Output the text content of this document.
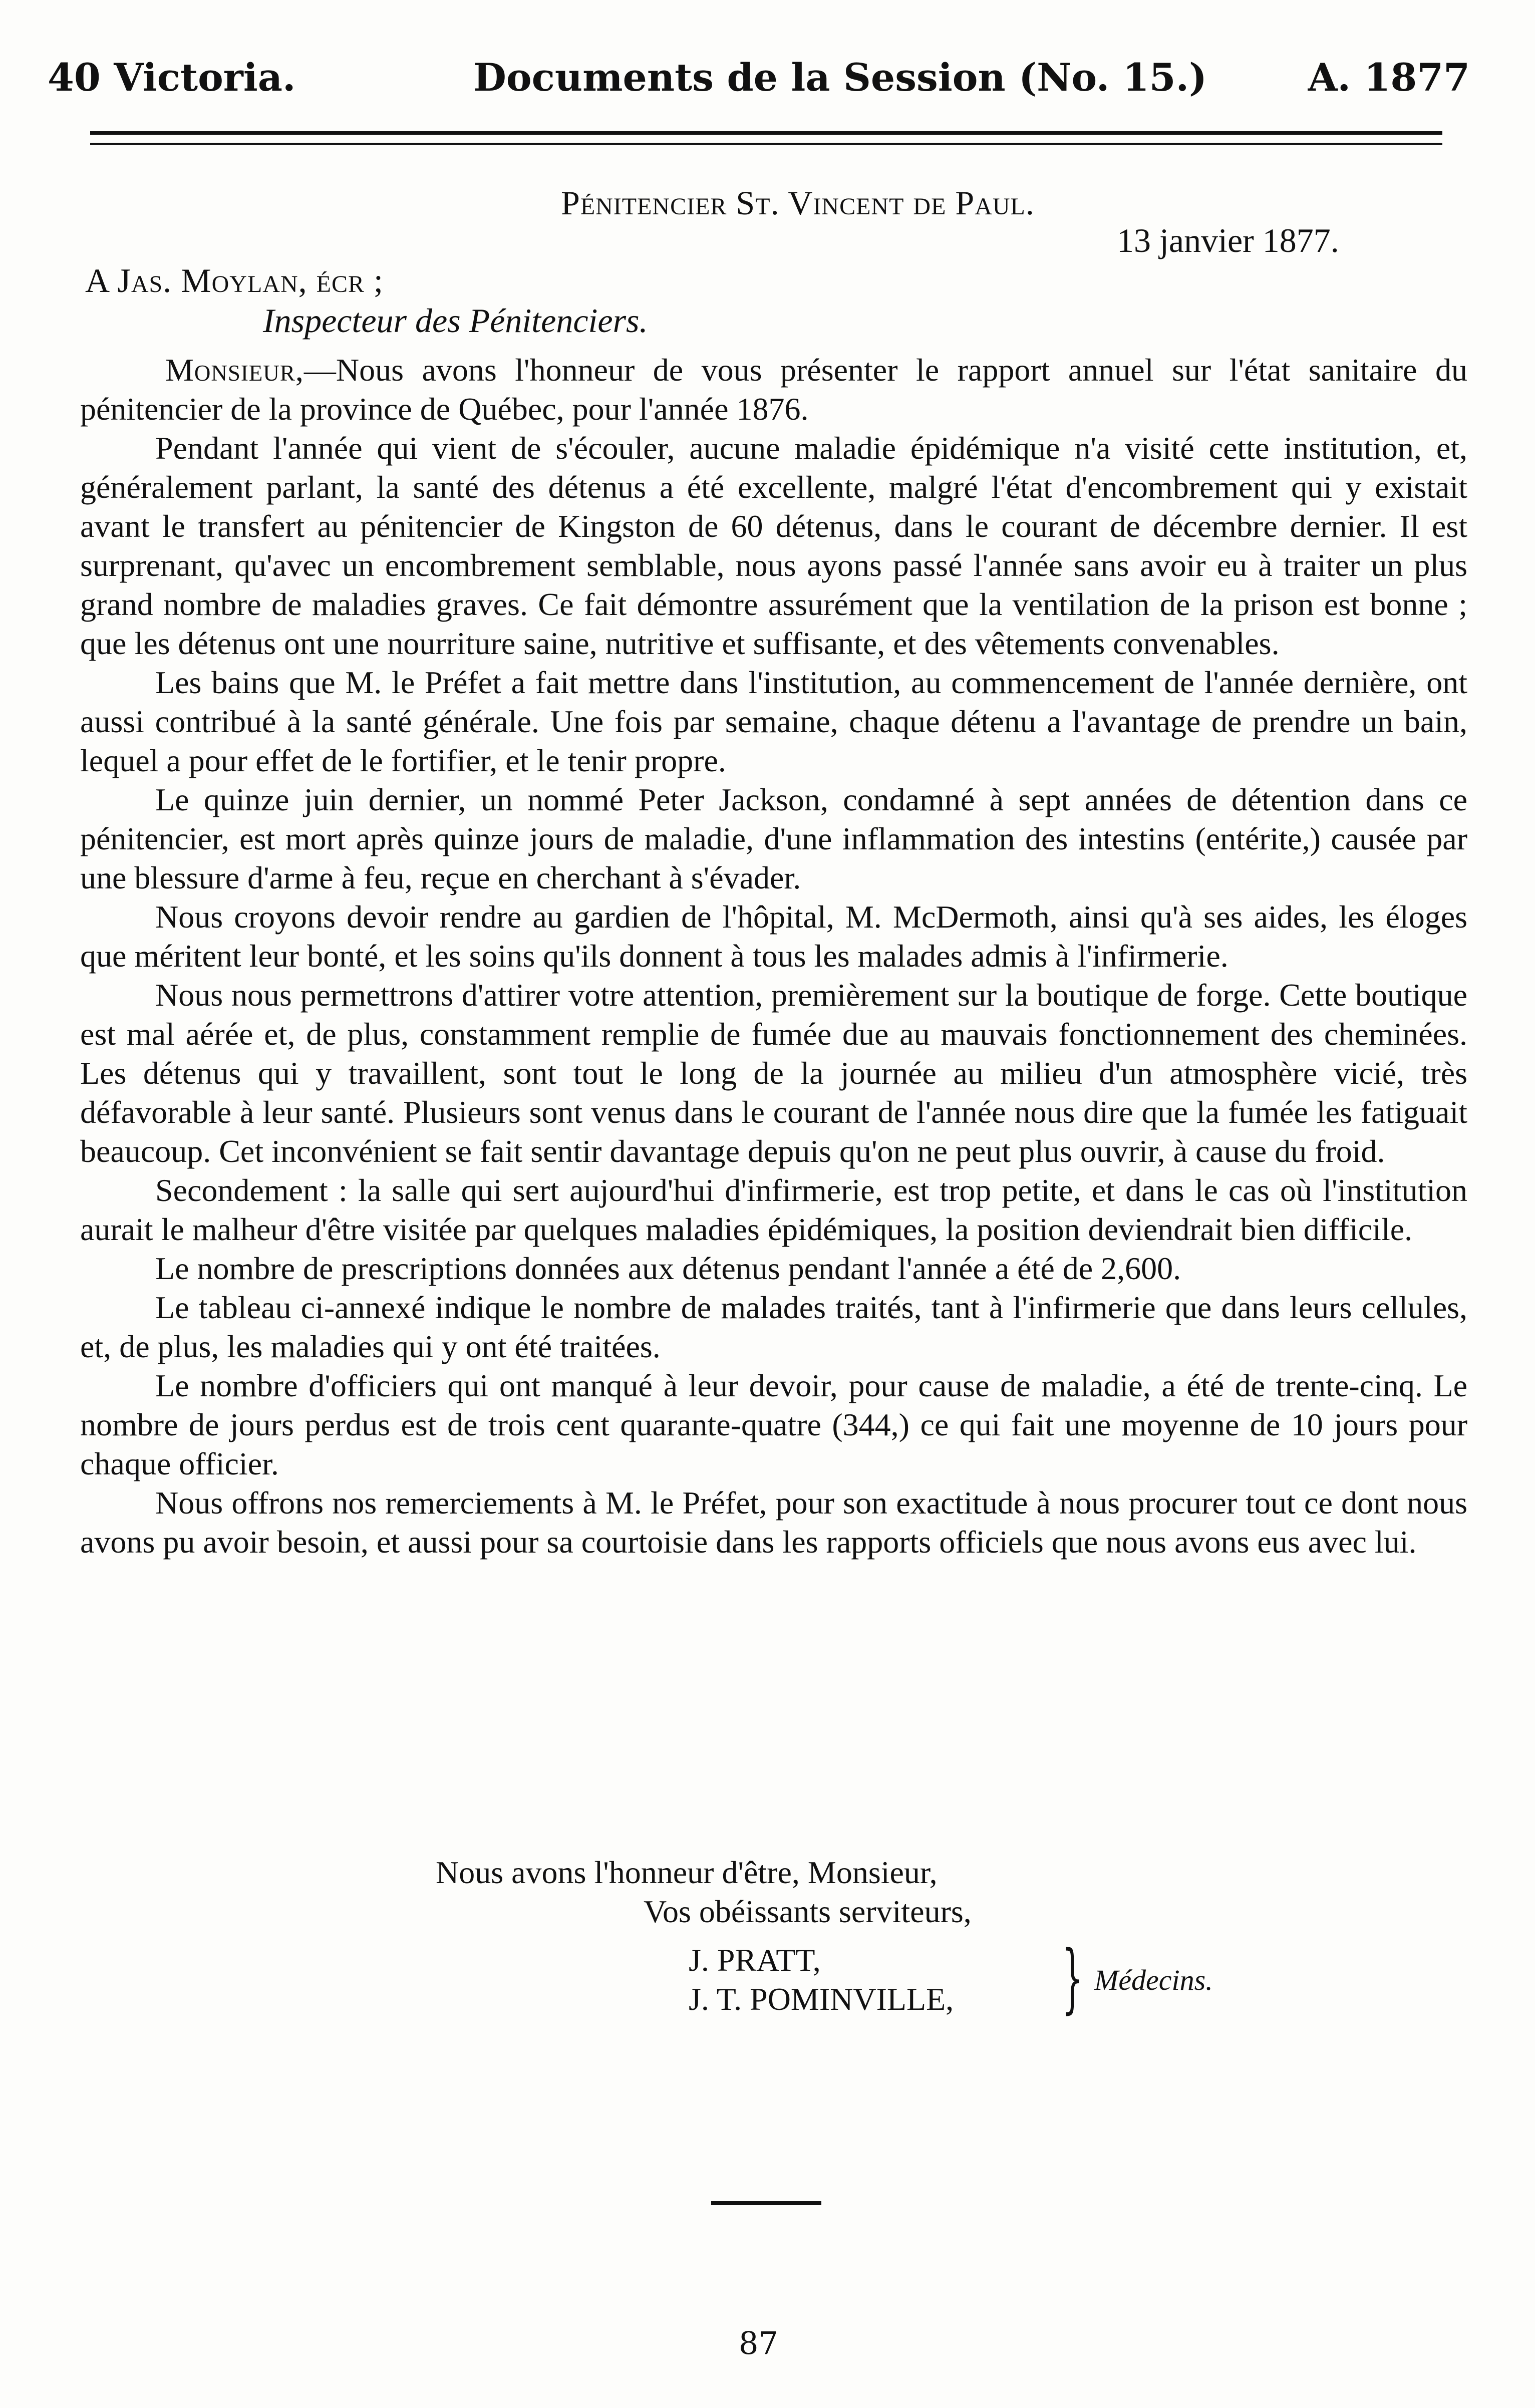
40 Victoria.	Documents de la Session (No. 15.)	A. 1877
Pénitencier St. Vincent de Paul.
13 janvier 1877.
A Jas. Moylan, écr ;
Inspecteur des Pénitenciers.

Monsieur,—Nous avons l'honneur de vous présenter le rapport annuel sur l'état sanitaire du pénitencier de la province de Québec, pour l'année 1876.

Pendant l'année qui vient de s'écouler, aucune maladie épidémique n'a visité cette institution, et, généralement parlant, la santé des détenus a été excellente, malgré l'état d'encombrement qui y existait avant le transfert au pénitencier de Kingston de 60 détenus, dans le courant de décembre dernier. Il est surprenant, qu'avec un encombrement semblable, nous ayons passé l'année sans avoir eu à traiter un plus grand nombre de maladies graves. Ce fait démontre assurément que la ventilation de la prison est bonne ; que les détenus ont une nourriture saine, nutritive et suffisante, et des vêtements convenables.

Les bains que M. le Préfet a fait mettre dans l'institution, au commencement de l'année dernière, ont aussi contribué à la santé générale. Une fois par semaine, chaque détenu a l'avantage de prendre un bain, lequel a pour effet de le fortifier, et le tenir propre.

Le quinze juin dernier, un nommé Peter Jackson, condamné à sept années de détention dans ce pénitencier, est mort après quinze jours de maladie, d'une inflammation des intestins (entérite,) causée par une blessure d'arme à feu, reçue en cherchant à s'évader.

Nous croyons devoir rendre au gardien de l'hôpital, M. McDermoth, ainsi qu'à ses aides, les éloges que méritent leur bonté, et les soins qu'ils donnent à tous les malades admis à l'infirmerie.

Nous nous permettrons d'attirer votre attention, premièrement sur la boutique de forge. Cette boutique est mal aérée et, de plus, constamment remplie de fumée due au mauvais fonctionnement des cheminées. Les détenus qui y travaillent, sont tout le long de la journée au milieu d'un atmosphère vicié, très défavorable à leur santé. Plusieurs sont venus dans le courant de l'année nous dire que la fumée les fatiguait beaucoup. Cet inconvénient se fait sentir davantage depuis qu'on ne peut plus ouvrir, à cause du froid.

Secondement : la salle qui sert aujourd'hui d'infirmerie, est trop petite, et dans le cas où l'institution aurait le malheur d'être visitée par quelques maladies épidémiques, la position deviendrait bien difficile.

Le nombre de prescriptions données aux détenus pendant l'année a été de 2,600.

Le tableau ci-annexé indique le nombre de malades traités, tant à l'infirmerie que dans leurs cellules, et, de plus, les maladies qui y ont été traitées.

Le nombre d'officiers qui ont manqué à leur devoir, pour cause de maladie, a été de trente-cinq. Le nombre de jours perdus est de trois cent quarante-quatre (344,) ce qui fait une moyenne de 10 jours pour chaque officier.

Nous offrons nos remerciements à M. le Préfet, pour son exactitude à nous procurer tout ce dont nous avons pu avoir besoin, et aussi pour sa courtoisie dans les rapports officiels que nous avons eus avec lui.

Nous avons l'honneur d'être, Monsieur,
Vos obéissants serviteurs,
J. PRATT,
J. T. POMINVILLE, } Médecins.
87
